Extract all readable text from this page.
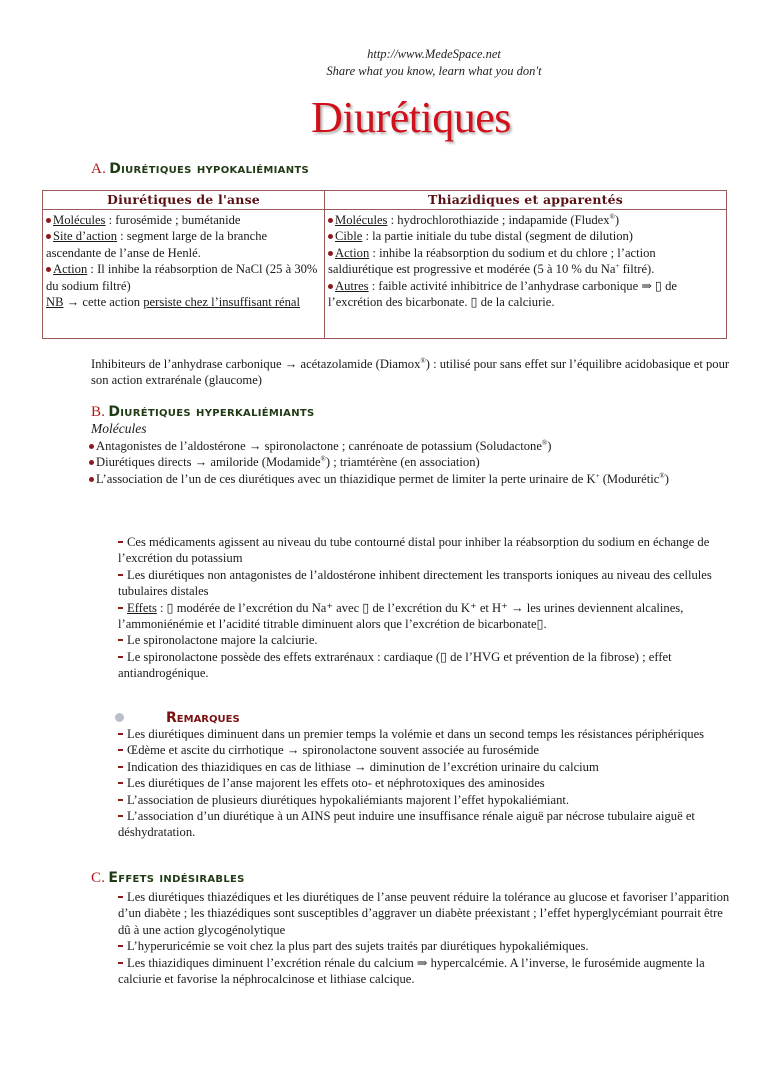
http://www.MedeSpace.net
Share what you know, learn what you don't
Diurétiques
A. Diurétiques hypokaliémiants
Diurétiques de l'anse
Molécules : furosémide ; bumétanide
Site d’action : segment large de la branche ascendante de l’anse de Henlé.
Action : Il inhibe la réabsorption de NaCl (25 à 30% du sodium filtré)
NB → cette action persiste chez l’insuffisant rénal
Thiazidiques et apparentés
Molécules : hydrochlorothiazide ; indapamide (Fludex®)
Cible : la partie initiale du tube distal (segment de dilution)
Action : inhibe la réabsorption du sodium et du chlore ; l’action saldiurétique est progressive et modérée (5 à 10 % du Na+ filtré).
Autres : faible activité inhibitrice de l’anhydrase carbonique ⇒ ▯ de l’excrétion des bicarbonate. ▯ de la calciurie.
Inhibiteurs de l’anhydrase carbonique → acétazolamide (Diamox®) : utilisé pour sans effet sur l’équilibre acidobasique et pour son action extrarénale (glaucome)
B. Diurétiques hyperkaliémiants
Molécules
Antagonistes de l’aldostérone → spironolactone ; canrénoate de potassium (Soludactone®)
Diurétiques directs → amiloride (Modamide®) ; triamtérène (en association)
L’association de l’un de ces diurétiques avec un thiazidique permet de limiter la perte urinaire de K+ (Modurétic®)
Ces médicaments agissent au niveau du tube contourné distal pour inhiber la réabsorption du sodium en échange de l’excrétion du potassium
Les diurétiques non antagonistes de l’aldostérone inhibent directement les transports ioniques au niveau des cellules tubulaires distales
Effets : ▯ modérée de l’excrétion du Na⁺ avec ▯ de l’excrétion du K⁺ et H⁺ → les urines deviennent alcalines, l’ammoniénémie et l’acidité titrable diminuent alors que l’excrétion de bicarbonate▯.
Le spironolactone majore la calciurie.
Le spironolactone possède des effets extrarénaux : cardiaque (▯ de l’HVG et prévention de la fibrose) ; effet antiandrogénique.
Remarques
Les diurétiques diminuent dans un premier temps la volémie et dans un second temps les résistances périphériques
Œdème et ascite du cirrhotique → spironolactone souvent associée au furosémide
Indication des thiazidiques en cas de lithiase → diminution de l’excrétion urinaire du calcium
Les diurétiques de l’anse majorent les effets oto- et néphrotoxiques des aminosides
L’association de plusieurs diurétiques hypokaliémiants majorent l’effet hypokaliémiant.
L’association d’un diurétique à un AINS peut induire une insuffisance rénale aiguë par nécrose tubulaire aiguë et déshydratation.
C. Effets indésirables
Les diurétiques thiazédiques et les diurétiques de l’anse peuvent réduire la tolérance au glucose et favoriser l’apparition d’un diabète ; les thiazédiques sont susceptibles d’aggraver un diabète préexistant ; l’effet hyperglycémiant pourrait être dû à une action glycogénolytique
L’hyperuricémie se voit chez la plus part des sujets traités par diurétiques hypokaliémiques.
Les thiazidiques diminuent l’excrétion rénale du calcium ⇒ hypercalcémie. A l’inverse, le furosémide augmente la calciurie et favorise la néphrocalcinose et lithiase calcique.
